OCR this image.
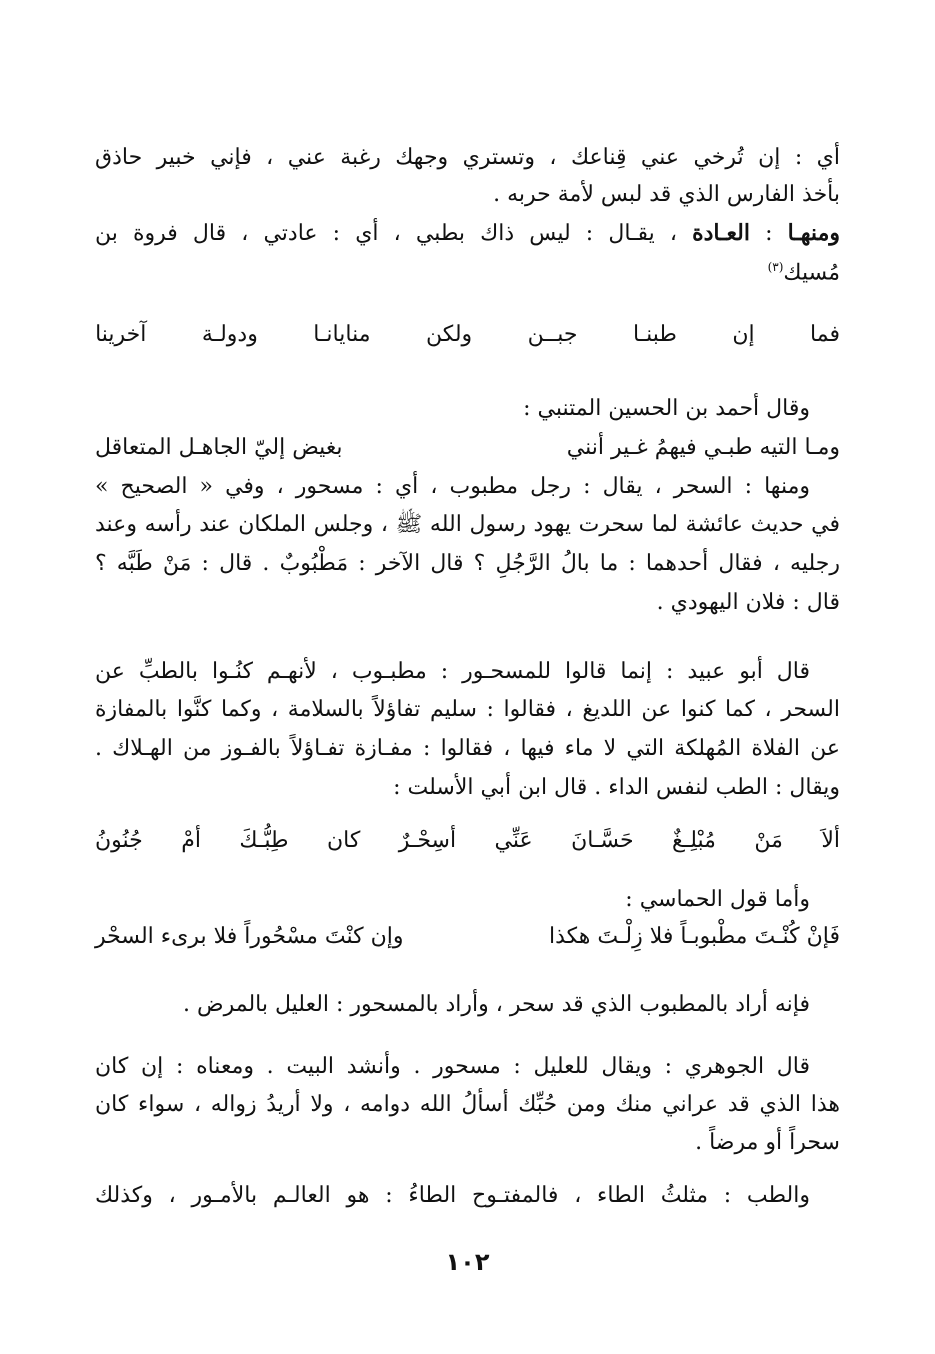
أي : إن تُرخي عني قِناعك ، وتستري وجهك رغبة عني ، فإني خبير حاذق
بأخذ الفارس الذي قد لبس لأمة حربه .
ومنهـا : العـادة ، يقـال : ليس ذاك بطبي ، أي : عادتي ، قال فروة بن
مُسيك$^{(٣)}$
فما
إن
طبنـا
جبــن
ولكن
منايانـا
ودولـة
آخرينا
وقال أحمد بن الحسين المتنبي :
ومـا التيه طبـي فيهمُ غـير أنني
بغيض إليّ الجاهـل المتعاقل
ومنها : السحر ، يقال : رجل مطبوب ، أي : مسحور ، وفي « الصحيح »
في حديث عائشة لما سحرت يهود رسول الله ﷺ ، وجلس الملكان عند رأسه وعند
رجليه ، فقال أحدهما : ما بالُ الرَّجُلِ ؟ قال الآخر : مَطْبُوبٌ . قال : مَنْ طَبَّه ؟
قال : فلان اليهودي .
قال أبو عبيد : إنما قالوا للمسحـور : مطبـوب ، لأنهـم كنُـوا بالطبِّ عن
السحر ، كما كنوا عن اللديغ ، فقالوا : سليم تفاؤلاً بالسلامة ، وكما كنَّوا بالمفازة
عن الفلاة المُهلكة التي لا ماء فيها ، فقالوا : مفـازة تفـاؤلاً بالفـوز من الهـلاك .
ويقال : الطب لنفس الداء . قال ابن أبي الأسلت :
ألاَ
مَنْ
مُبْلِـغٌ
حَسَّـانَ
عَنِّي
أسِحْـرٌ
كان
طِبُّـكَ
أمْ
جُنُونُ
وأما قول الحماسي :
فَإنْ كُنْـتَ مطْبوبـاً فلا زِلْـتَ هكذا
وإن كنْتَ مسْحُوراً فلا برىء السحْر
فإنه أراد بالمطبوب الذي قد سحر ، وأراد بالمسحور : العليل بالمرض .
قال الجوهري : ويقال للعليل : مسحور . وأنشد البيت . ومعناه : إن كان
هذا الذي قد عراني منك ومن حُبِّك أسألُ الله دوامه ، ولا أريدُ زواله ، سواء كان
سحراً أو مرضاً .
والطب : مثلثُ الطاء ، فالمفتـوح الطاءُ : هو العالـم بالأمـور ، وكذلك
١٠٢
